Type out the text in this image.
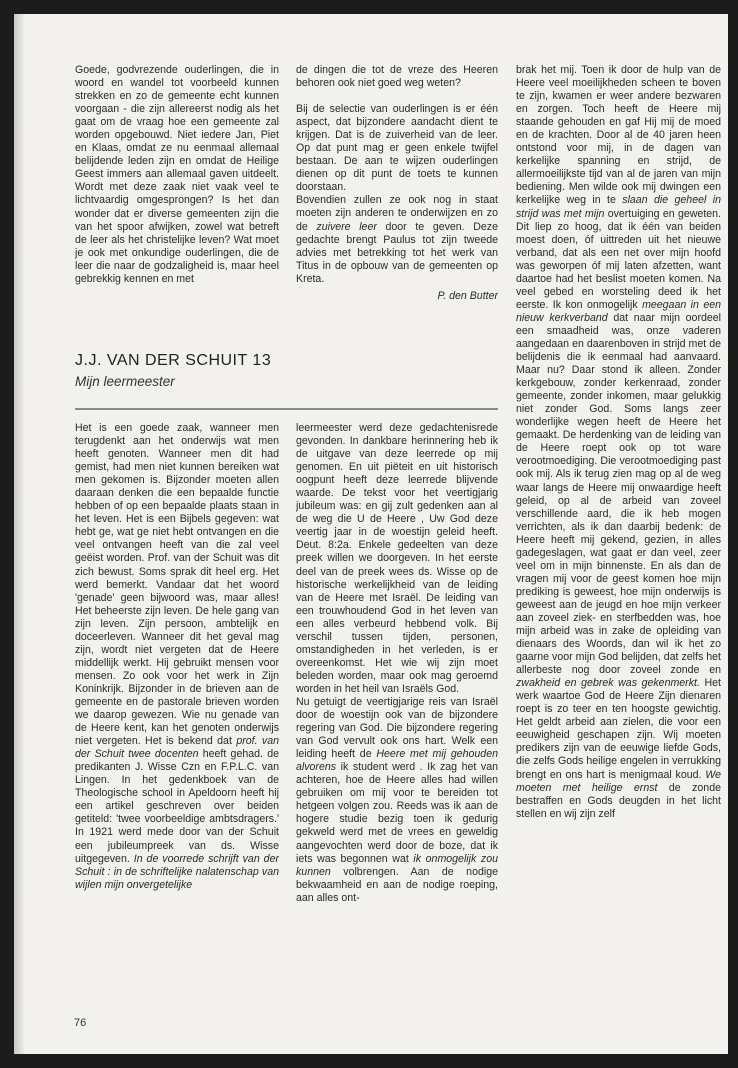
Goede, godvrezende ouderlingen, die in woord en wandel tot voorbeeld kunnen strekken en zo de gemeente echt kunnen voorgaan - die zijn allereerst nodig als het gaat om de vraag hoe een gemeente zal worden opgebouwd. Niet iedere Jan, Piet en Klaas, omdat ze nu eenmaal allemaal belijdende leden zijn en omdat de Heilige Geest immers aan allemaal gaven uitdeelt. Wordt met deze zaak niet vaak veel te lichtvaardig omgesprongen? Is het dan wonder dat er diverse gemeenten zijn die van het spoor afwijken, zowel wat betreft de leer als het christelijke leven? Wat moet je ook met onkundige ouderlingen, die de leer die naar de godzaligheid is, maar heel gebrekkig kennen en met

de dingen die tot de vreze des Heeren behoren ook niet goed weg weten?

Bij de selectie van ouderlingen is er één aspect, dat bijzondere aandacht dient te krijgen. Dat is de zuiverheid van de leer. Op dat punt mag er geen enkele twijfel bestaan. De aan te wijzen ouderlingen dienen op dit punt de toets te kunnen doorstaan.
Bovendien zullen ze ook nog in staat moeten zijn anderen te onderwijzen en zo de zuivere leer door te geven. Deze gedachte brengt Paulus tot zijn tweede advies met betrekking tot het werk van Titus in de opbouw van de gemeenten op Kreta.

P. den Butter

J.J. VAN DER SCHUIT 13
Mijn leermeester

Het is een goede zaak, wanneer men terugdenkt aan het onderwijs wat men heeft genoten. Wanneer men dit had gemist, had men niet kunnen bereiken wat men gekomen is. Bijzonder moeten allen daaraan denken die een bepaalde functie hebben of op een bepaalde plaats staan in het leven. Het is een Bijbels gegeven: wat hebt ge, wat ge niet hebt ontvangen en die veel ontvangen heeft van die zal veel geëist worden. Prof. van der Schuit was dit zich bewust. Soms sprak dit heel erg. Het werd bemerkt. Vandaar dat het woord 'genade' geen bijwoord was, maar alles! Het beheerste zijn leven. De hele gang van zijn leven. Zijn persoon, ambtelijk en doceerleven. Wanneer dit het geval mag zijn, wordt niet vergeten dat de Heere middellijk werkt. Hij gebruikt mensen voor mensen. Zo ook voor het werk in Zijn Koninkrijk. Bijzonder in de brieven aan de gemeente en de pastorale brieven worden we daarop gewezen. Wie nu genade van de Heere kent, kan het genoten onderwijs niet vergeten. Het is bekend dat prof. van der Schuit twee docenten heeft gehad. de predikanten J. Wisse Czn en F.P.L.C. van Lingen. In het gedenkboek van de Theologische school in Apeldoorn heeft hij een artikel geschreven over beiden getiteld: 'twee voorbeeldige ambtsdragers.' In 1921 werd mede door van der Schuit een jubileumpreek van ds. Wisse uitgegeven. In de voorrede schrijft van der Schuit : in de schriftelijke nalatenschap van wijlen mijn onvergetelijke

leermeester werd deze gedachtenisrede gevonden. In dankbare herinnering heb ik de uitgave van deze leerrede op mij genomen. En uit piëteit en uit historisch oogpunt heeft deze leerrede blijvende waarde. De tekst voor het veertigjarig jubileum was: en gij zult gedenken aan al de weg die U de Heere , Uw God deze veertig jaar in de woestijn geleid heeft. Deut. 8:2a. Enkele gedeelten van deze preek willen we doorgeven. In het eerste deel van de preek wees ds. Wisse op de historische werkelijkheid van de leiding van de Heere met Israël. De leiding van een trouwhoudend God in het leven van een alles verbeurd hebbend volk. Bij verschil tussen tijden, personen, omstandigheden in het verleden, is er overeenkomst. Het wie wij zijn moet beleden worden, maar ook mag geroemd worden in het heil van Israëls God.

Nu getuigt de veertigjarige reis van Israël door de woestijn ook van de bijzondere regering van God. Die bijzondere regering van God vervult ook ons hart. Welk een leiding heeft de Heere met mij gehouden alvorens ik student werd . Ik zag het van achteren, hoe de Heere alles had willen gebruiken om mij voor te bereiden tot hetgeen volgen zou. Reeds was ik aan de hogere studie bezig toen ik gedurig gekweld werd met de vrees en geweldig aangevochten werd door de boze, dat ik iets was begonnen wat ik onmogelijk zou kunnen volbrengen. Aan de nodige bekwaamheid en aan de nodige roeping, aan alles ont-

brak het mij. Toen ik door de hulp van de Heere veel moeilijkheden scheen te boven te zijn, kwamen er weer andere bezwaren en zorgen. Toch heeft de Heere mij staande gehouden en gaf Hij mij de moed en de krachten. Door al de 40 jaren heen ontstond voor mij, in de dagen van kerkelijke spanning en strijd, de allermoeilijkste tijd van al de jaren van mijn bediening. Men wilde ook mij dwingen een kerkelijke weg in te slaan die geheel in strijd was met mijn overtuiging en geweten. Dit liep zo hoog, dat ik één van beiden moest doen, óf uittreden uit het nieuwe verband, dat als een net over mijn hoofd was geworpen óf mij laten afzetten, want daartoe had het beslist moeten komen. Na veel gebed en worsteling deed ik het eerste. Ik kon onmogelijk meegaan in een nieuw kerkverband dat naar mijn oordeel een smaadheid was, onze vaderen aangedaan en daarenboven in strijd met de belijdenis die ik eenmaal had aanvaard. Maar nu? Daar stond ik alleen. Zonder kerkgebouw, zonder kerkenraad, zonder gemeente, zonder inkomen, maar gelukkig niet zonder God. Soms langs zeer wonderlijke wegen heeft de Heere het gemaakt. De herdenking van de leiding van de Heere roept ook op tot ware verootmoediging. Die verootmoediging past ook mij. Als ik terug zien mag op al de weg waar langs de Heere mij onwaardige heeft geleid, op al de arbeid van zoveel verschillende aard, die ik heb mogen verrichten, als ik dan daarbij bedenk: de Heere heeft mij gekend, gezien, in alles gadegeslagen, wat gaat er dan veel, zeer veel om in mijn binnenste. En als dan de vragen mij voor de geest komen hoe mijn prediking is geweest, hoe mijn onderwijs is geweest aan de jeugd en hoe mijn verkeer aan zoveel ziek- en sterfbedden was, hoe mijn arbeid was in zake de opleiding van dienaars des Woords, dan wil ik het zo gaarne voor mijn God belijden, dat zelfs het allerbeste nog door zoveel zonde en zwakheid en gebrek was gekenmerkt. Het werk waartoe God de Heere Zijn dienaren roept is zo teer en ten hoogste gewichtig. Het geldt arbeid aan zielen, die voor een eeuwigheid geschapen zijn. Wij moeten predikers zijn van de eeuwige liefde Gods, die zelfs Gods heilige engelen in verrukking brengt en ons hart is menigmaal koud. We moeten met heilige ernst de zonde bestraffen en Gods deugden in het licht stellen en wij zijn zelf

76
